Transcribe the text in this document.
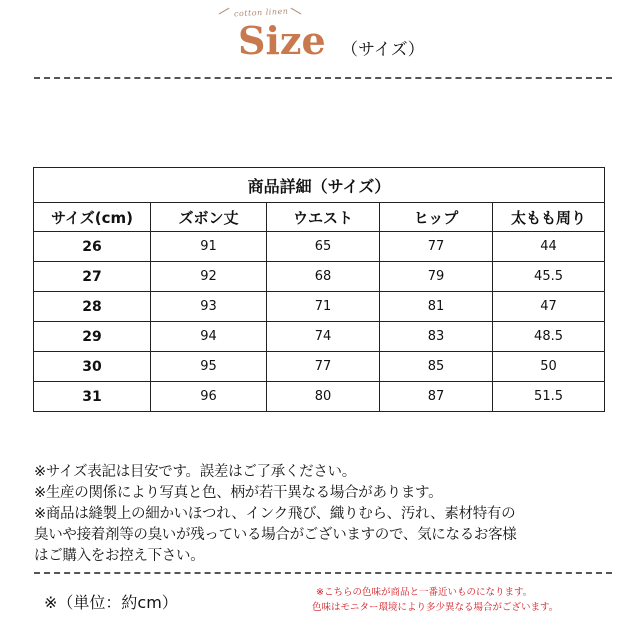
cotton linen
Size （サイズ）
商品詳細（サイズ）				
サイズ(cm)	ズボン丈	ウエスト	ヒップ	太もも周り
26	91	65	77	44
27	92	68	79	45.5
28	93	71	81	47
29	94	74	83	48.5
30	95	77	85	50
31	96	80	87	51.5
※サイズ表記は目安です。誤差はご了承ください。
※生産の関係により写真と色、柄が若干異なる場合があります。
※商品は縫製上の細かいほつれ、インク飛び、織りむら、汚れ、素材特有の
臭いや接着剤等の臭いが残っている場合がございますので、気になるお客様
はご購入をお控え下さい。
※（単位：約cm）
※こちらの色味が商品と一番近いものになります。
色味はモニター環境により多少異なる場合がございます。
